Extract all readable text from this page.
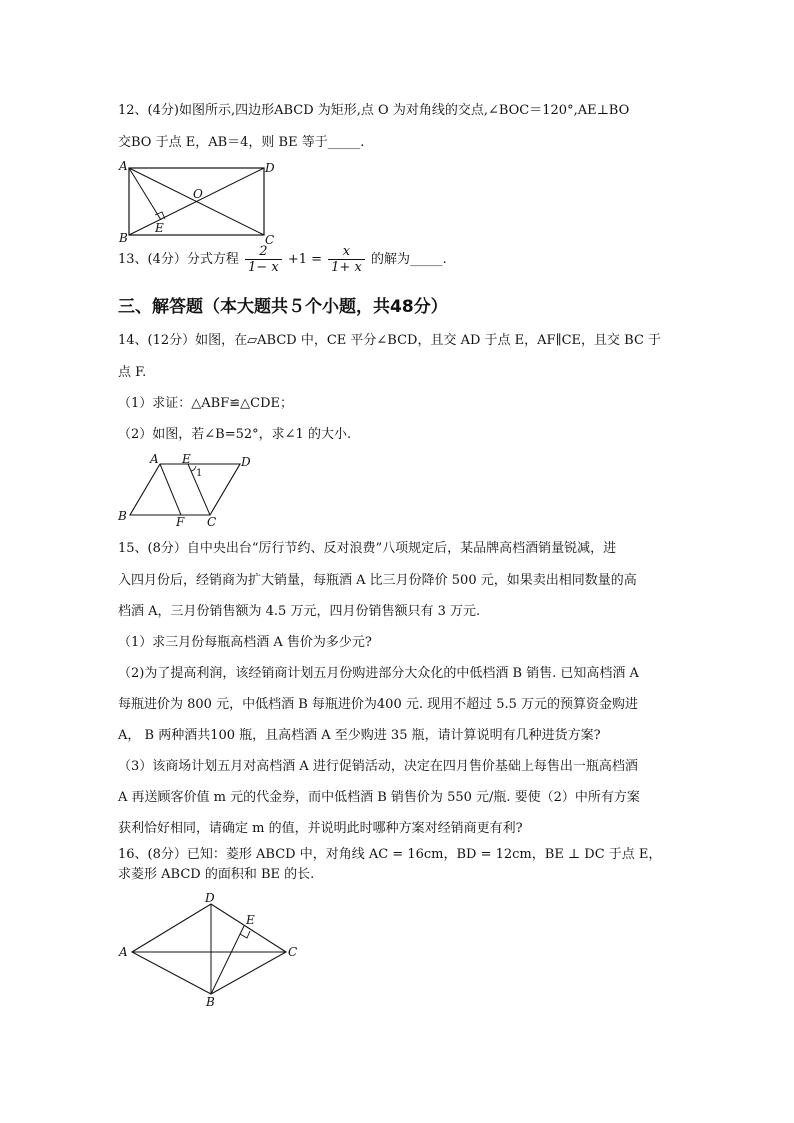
12、(4分)如图所示,四边形ABCD 为矩形,点 O 为对角线的交点,∠BOC＝120°,AE⊥BO
交BO 于点 E，AB＝4，则 BE 等于_____.
A	D
B	C
O
E
13、(4分）分式方程 $\frac{2}{1- x} +1 = \frac{x}{1+ x}$ 的解为_____.
三、解答题（本大题共５个小题，共48分）
14、(12分）如图，在▱ABCD 中，CE 平分∠BCD，且交 AD 于点 E，AF∥CE，且交 BC 于
点 F.
（1）求证：△ABF≌△CDE；
（2）如图，若∠B=52°，求∠1 的大小.
A E
1
D
B	F C
15、(8分）自中央出台“厉行节约、反对浪费”八项规定后，某品牌高档酒销量锐减，进
入四月份后，经销商为扩大销量，每瓶酒 A 比三月份降价 500 元，如果卖出相同数量的高
档酒 A，三月份销售额为 4.5 万元，四月份销售额只有 3 万元.
（1）求三月份每瓶高档酒 A 售价为多少元?
（2)为了提高利润，该经销商计划五月份购进部分大众化的中低档酒 B 销售. 已知高档酒 A
每瓶进价为 800 元，中低档酒 B 每瓶进价为400 元. 现用不超过 5.5 万元的预算资金购进
A， B 两种酒共100 瓶，且高档酒 A 至少购进 35 瓶，请计算说明有几种进货方案?
（3）该商场计划五月对高档酒 A 进行促销活动，决定在四月售价基础上每售出一瓶高档酒
A 再送顾客价值 m 元的代金券，而中低档酒 B 销售价为 550 元/瓶. 要使（2）中所有方案
获利恰好相同，请确定 m 的值，并说明此时哪种方案对经销商更有利?
16、(8分）已知：菱形 ABCD 中，对角线 AC = 16cm，BD = 12cm，BE ⊥ DC 于点 E，
求菱形 ABCD 的面积和 BE 的长.
D
E
A	C
B
